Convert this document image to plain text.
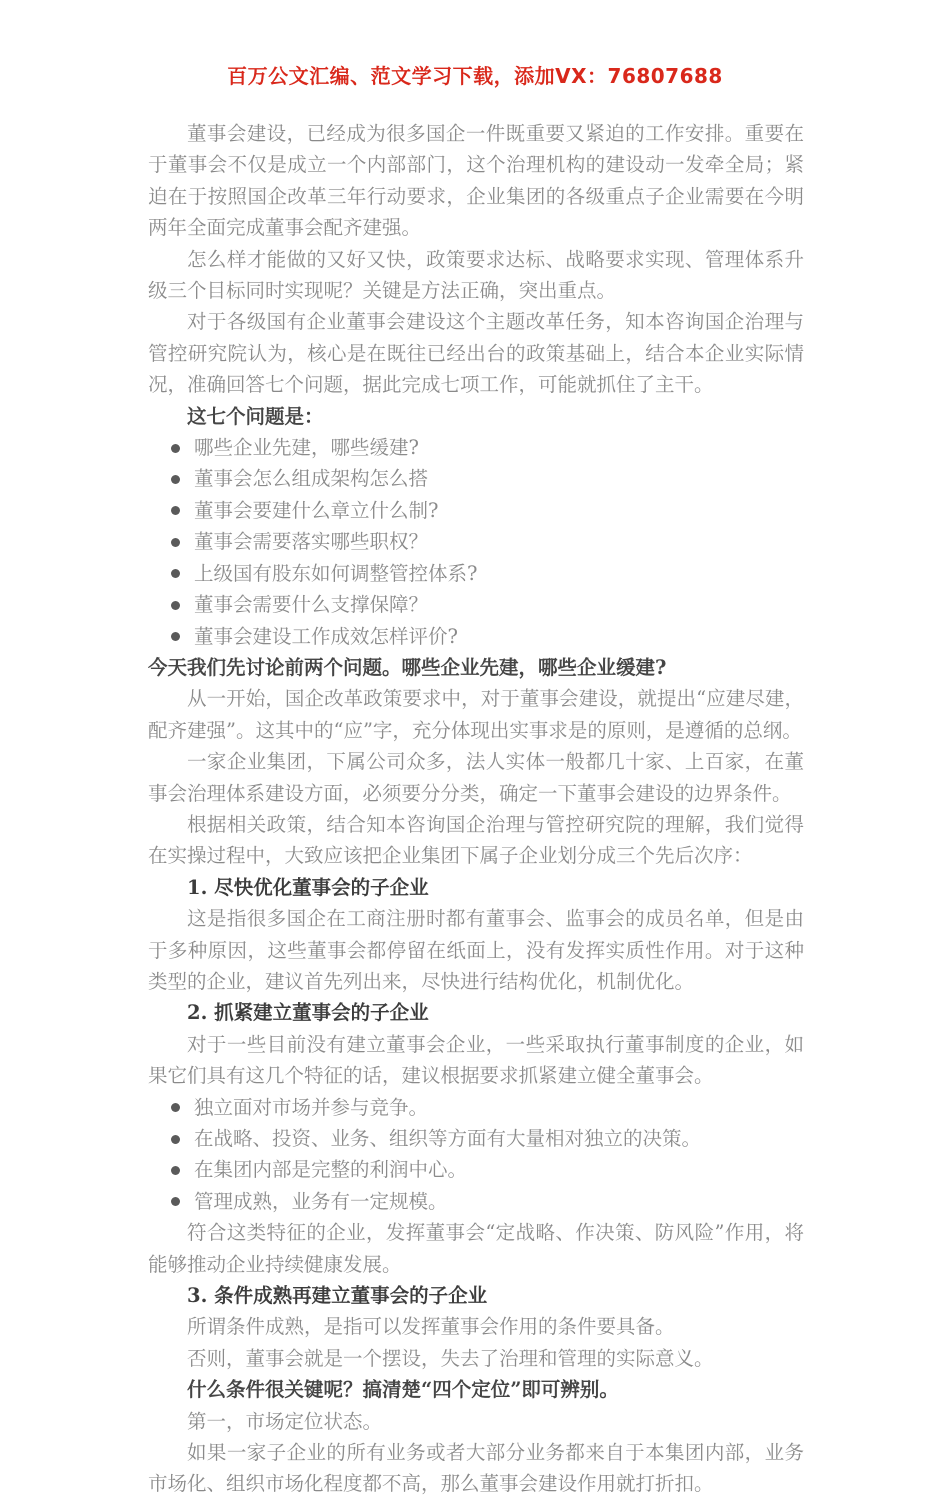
百万公文汇编、范文学习下载，添加VX：76807688

董事会建设，已经成为很多国企一件既重要又紧迫的工作安排。重要在于董事会不仅是成立一个内部部门，这个治理机构的建设动一发牵全局；紧迫在于按照国企改革三年行动要求，企业集团的各级重点子企业需要在今明两年全面完成董事会配齐建强。

怎么样才能做的又好又快，政策要求达标、战略要求实现、管理体系升级三个目标同时实现呢？关键是方法正确，突出重点。

对于各级国有企业董事会建设这个主题改革任务，知本咨询国企治理与管控研究院认为，核心是在既往已经出台的政策基础上，结合本企业实际情况，准确回答七个问题，据此完成七项工作，可能就抓住了主干。

这七个问题是：

哪些企业先建，哪些缓建?
董事会怎么组成架构怎么搭
董事会要建什么章立什么制?
董事会需要落实哪些职权？
上级国有股东如何调整管控体系?
董事会需要什么支撑保障？
董事会建设工作成效怎样评价?

今天我们先讨论前两个问题。哪些企业先建，哪些企业缓建?

从一开始，国企改革政策要求中，对于董事会建设，就提出“应建尽建，配齐建强”。这其中的“应”字，充分体现出实事求是的原则，是遵循的总纲。

一家企业集团，下属公司众多，法人实体一般都几十家、上百家，在董事会治理体系建设方面，必须要分分类，确定一下董事会建设的边界条件。

根据相关政策，结合知本咨询国企治理与管控研究院的理解，我们觉得在实操过程中，大致应该把企业集团下属子企业划分成三个先后次序：

1. 尽快优化董事会的子企业

这是指很多国企在工商注册时都有董事会、监事会的成员名单，但是由于多种原因，这些董事会都停留在纸面上，没有发挥实质性作用。对于这种类型的企业，建议首先列出来，尽快进行结构优化，机制优化。

2. 抓紧建立董事会的子企业

对于一些目前没有建立董事会企业，一些采取执行董事制度的企业，如果它们具有这几个特征的话，建议根据要求抓紧建立健全董事会。

独立面对市场并参与竞争。
在战略、投资、业务、组织等方面有大量相对独立的决策。
在集团内部是完整的利润中心。
管理成熟，业务有一定规模。

符合这类特征的企业，发挥董事会“定战略、作决策、防风险”作用，将能够推动企业持续健康发展。

3. 条件成熟再建立董事会的子企业

所谓条件成熟，是指可以发挥董事会作用的条件要具备。

否则，董事会就是一个摆设，失去了治理和管理的实际意义。

什么条件很关键呢？搞清楚“四个定位”即可辨别。

第一，市场定位状态。

如果一家子企业的所有业务或者大部分业务都来自于本集团内部，业务市场化、组织市场化程度都不高，那么董事会建设作用就打折扣。
